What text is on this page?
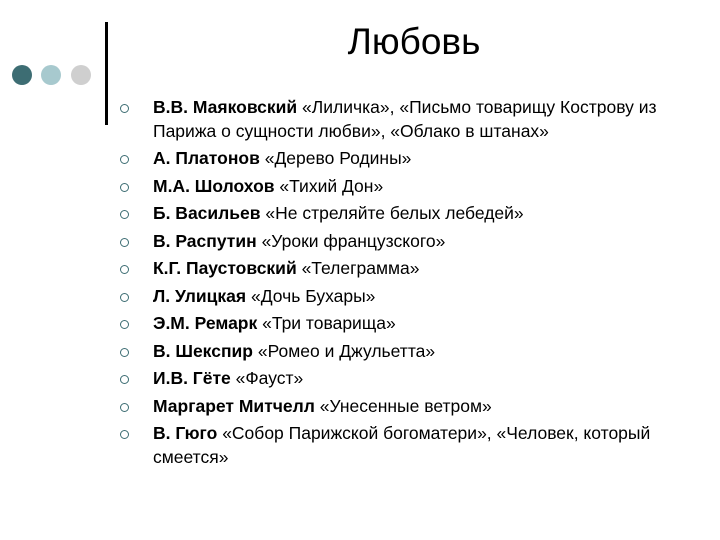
Любовь
В.В. Маяковский «Лиличка», «Письмо товарищу Кострову из Парижа о сущности любви», «Облако в штанах»
А. Платонов «Дерево Родины»
М.А. Шолохов «Тихий Дон»
Б. Васильев «Не стреляйте белых лебедей»
В. Распутин «Уроки французского»
К.Г. Паустовский «Телеграмма»
Л. Улицкая «Дочь Бухары»
Э.М. Ремарк «Три товарища»
В. Шекспир «Ромео и Джульетта»
И.В. Гёте «Фауст»
Маргарет Митчелл «Унесенные ветром»
В. Гюго «Собор Парижской богоматери», «Человек, который смеется»
